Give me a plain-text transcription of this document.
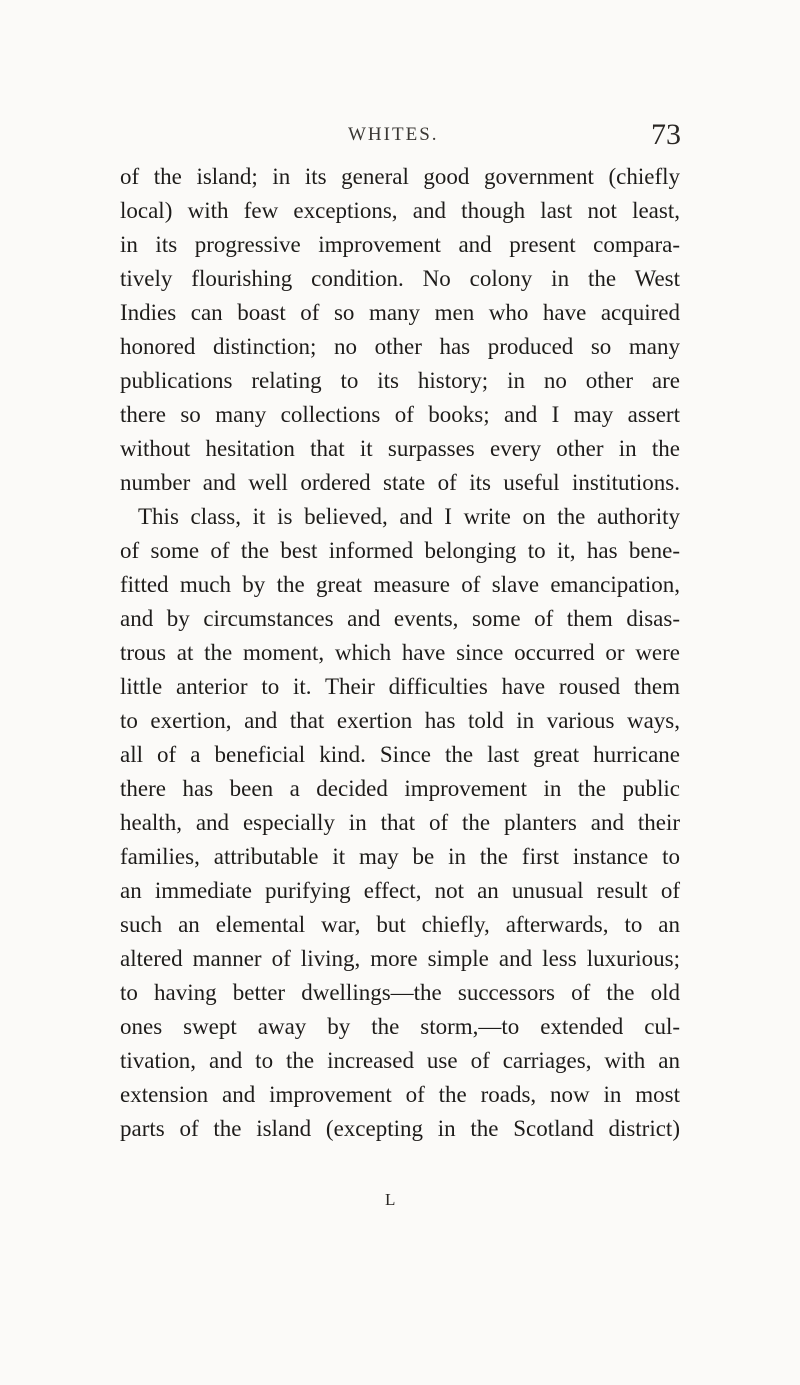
WHITES.	73
of the island; in its general good government (chiefly
local) with few exceptions, and though last not least,
in its progressive improvement and present compara-
tively flourishing condition. No colony in the West
Indies can boast of so many men who have acquired
honored distinction; no other has produced so many
publications relating to its history; in no other are
there so many collections of books; and I may assert
without hesitation that it surpasses every other in the
number and well ordered state of its useful institutions.
This class, it is believed, and I write on the authority
of some of the best informed belonging to it, has bene-
fitted much by the great measure of slave emancipation,
and by circumstances and events, some of them disas-
trous at the moment, which have since occurred or were
little anterior to it. Their difficulties have roused them
to exertion, and that exertion has told in various ways,
all of a beneficial kind. Since the last great hurricane
there has been a decided improvement in the public
health, and especially in that of the planters and their
families, attributable it may be in the first instance to
an immediate purifying effect, not an unusual result of
such an elemental war, but chiefly, afterwards, to an
altered manner of living, more simple and less luxurious;
to having better dwellings—the successors of the old
ones swept away by the storm,—to extended cul-
tivation, and to the increased use of carriages, with an
extension and improvement of the roads, now in most
parts of the island (excepting in the Scotland district)
L
